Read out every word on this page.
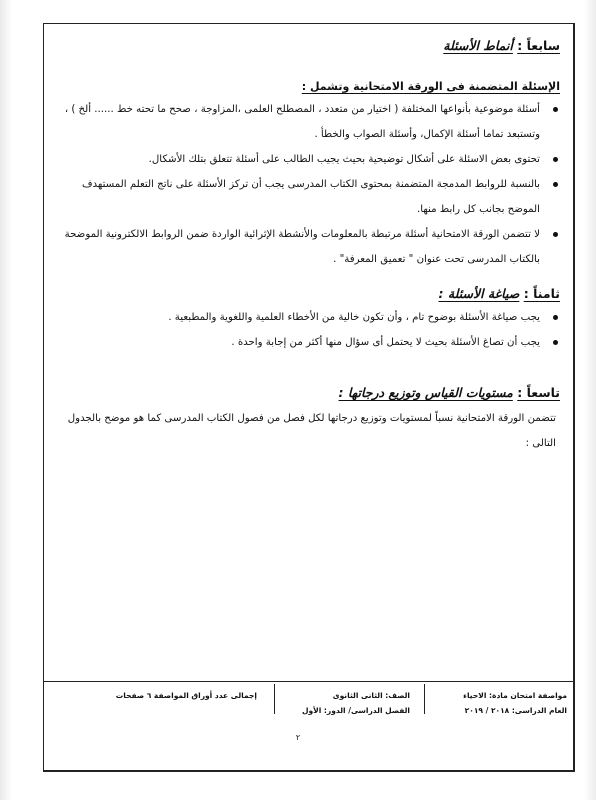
سابعاً : أنماط الأسئلة

الإسئلة المتضمنة فى الورقة الامتحانية وتشمل :

أسئلة موضوعية بأنواعها المختلفة ( اختيار من متعدد ، المصطلح العلمى ،المزاوجة ، صحح ما تحته خط ...... ألخ ) ، وتستبعد تماما أسئلة الإكمال، وأسئلة الصواب والخطأ .
تحتوى بعض الاسئلة على أشكال توضيحية بحيث يجيب الطالب على أسئلة تتعلق بتلك الأشكال.
بالنسبة للروابط المدمجة المتضمنة بمحتوى الكتاب المدرسى يجب أن تركز الأسئلة على ناتج التعلم المستهدف الموضح بجانب كل رابط منها.
لا تتضمن الورقة الامتحانية أسئلة مرتبطة بالمعلومات والأنشطة الإثرائية الواردة ضمن الروابط الالكترونية الموضحة بالكتاب المدرسى تحت عنوان " تعميق المعرفة" .

ثامناً : صياغة الأسئلة :

يجب صياغة الأسئلة بوضوح تام ، وأن تكون خالية من الأخطاء العلمية واللغوية والمطبعية .
يجب أن تصاغ الأسئلة بحيث لا يحتمل أى سؤال منها أكثر من إجابة واحدة .

تاسعاً : مستويات القياس وتوزيع درجاتها :

تتضمن الورقة الامتحانية نسباً لمستويات وتوزيع درجاتها لكل فصل من فصول الكتاب المدرسى كما هو موضح بالجدول التالى :

مواصفة امتحان مادة: الاحياء
العام الدراسى: ٢٠١٨ / ٢٠١٩
الصف: الثانى الثانوى
الفصل الدراسى/ الدور: الأول
إجمالى عدد أوراق المواصفة ٦ صفحات
٢
